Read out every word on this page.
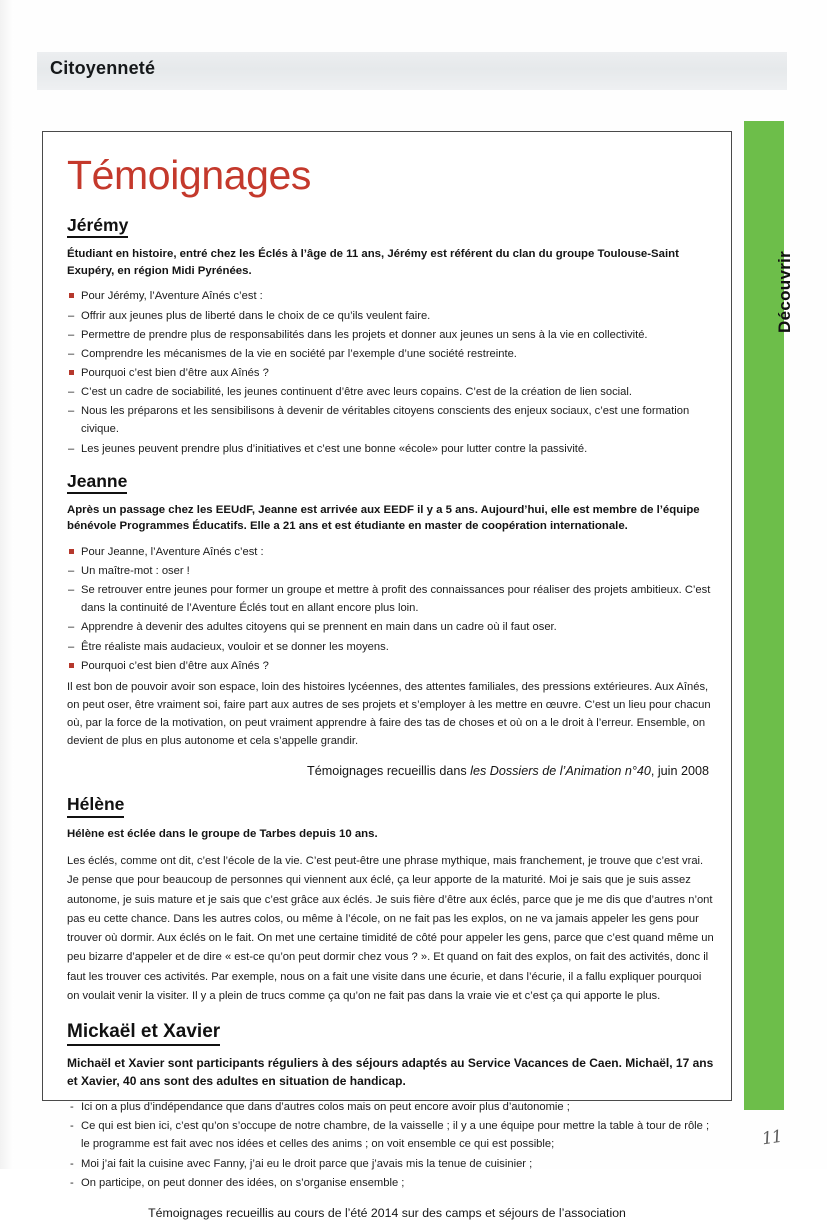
Citoyenneté
Découvrir
Témoignages
Jérémy
Étudiant en histoire, entré chez les Éclés à l’âge de 11 ans, Jérémy est référent du clan du groupe Toulouse-Saint Exupéry, en région Midi Pyrénées.
Pour Jérémy, l’Aventure Aînés c’est :
– Offrir aux jeunes plus de liberté dans le choix de ce qu’ils veulent faire.
– Permettre de prendre plus de responsabilités dans les projets et donner aux jeunes un sens à la vie en collectivité.
– Comprendre les mécanismes de la vie en société par l’exemple d’une société restreinte.
Pourquoi c’est bien d’être aux Aînés ?
– C’est un cadre de sociabilité, les jeunes continuent d’être avec leurs copains. C’est de la création de lien social.
– Nous les préparons et les sensibilisons à devenir de véritables citoyens conscients des enjeux sociaux, c’est une formation civique.
– Les jeunes peuvent prendre plus d’initiatives et c’est une bonne «école» pour lutter contre la passivité.
Jeanne
Après un passage chez les EEUdF, Jeanne est arrivée aux EEDF il y a 5 ans. Aujourd’hui, elle est membre de l’équipe bénévole Programmes Éducatifs. Elle a 21 ans et est étudiante en master de coopération internationale.
Pour Jeanne, l’Aventure Aînés c’est :
– Un maître-mot : oser !
– Se retrouver entre jeunes pour former un groupe et mettre à profit des connaissances pour réaliser des projets ambitieux. C’est dans la continuité de l’Aventure Éclés tout en allant encore plus loin.
– Apprendre à devenir des adultes citoyens qui se prennent en main dans un cadre où il faut oser.
– Être réaliste mais audacieux, vouloir et se donner les moyens.
Pourquoi c’est bien d’être aux Aînés ?

Il est bon de pouvoir avoir son espace, loin des histoires lycéennes, des attentes familiales, des pressions extérieures. Aux Aînés, on peut oser, être vraiment soi, faire part aux autres de ses projets et s’employer à les mettre en œuvre. C’est un lieu pour chacun où, par la force de la motivation, on peut vraiment apprendre à faire des tas de choses et où on a le droit à l’erreur. Ensemble, on devient de plus en plus autonome et cela s’appelle grandir.

Témoignages recueillis dans les Dossiers de l’Animation n°40, juin 2008

Hélène
Hélène est éclée dans le groupe de Tarbes depuis 10 ans.

Les éclés, comme ont dit, c’est l’école de la vie. C’est peut-être une phrase mythique, mais franchement, je trouve que c’est vrai. Je pense que pour beaucoup de personnes qui viennent aux éclé, ça leur apporte de la maturité. Moi je sais que je suis assez autonome, je suis mature et je sais que c’est grâce aux éclés. Je suis fière d’être aux éclés, parce que je me dis que d’autres n’ont pas eu cette chance. Dans les autres colos, ou même à l’école, on ne fait pas les explos, on ne va jamais appeler les gens pour trouver où dormir. Aux éclés on le fait. On met une certaine timidité de côté pour appeler les gens, parce que c’est quand même un peu bizarre d’appeler et de dire « est-ce qu’on peut dormir chez vous ? ». Et quand on fait des explos, on fait des activités, donc il faut les trouver ces activités. Par exemple, nous on a fait une visite dans une écurie, et dans l’écurie, il a fallu expliquer pourquoi on voulait venir la visiter. Il y a plein de trucs comme ça qu’on ne fait pas dans la vraie vie et c’est ça qui apporte le plus.

Mickaël et Xavier
Michaël et Xavier sont participants réguliers à des séjours adaptés au Service Vacances de Caen. Michaël, 17 ans et Xavier, 40 ans sont des adultes en situation de handicap.
- Ici on a plus d’indépendance que dans d’autres colos mais on peut encore avoir plus d’autonomie ;
- Ce qui est bien ici, c’est qu’on s’occupe de notre chambre, de la vaisselle ; il y a une équipe pour mettre la table à tour de rôle ; le programme est fait avec nos idées et celles des anims ; on voit ensemble ce qui est possible;
- Moi j’ai fait la cuisine avec Fanny, j’ai eu le droit parce que j’avais mis la tenue de cuisinier ;
- On participe, on peut donner des idées, on s’organise ensemble ;

Témoignages recueillis au cours de l’été 2014 sur des camps et séjours de l’association

11
